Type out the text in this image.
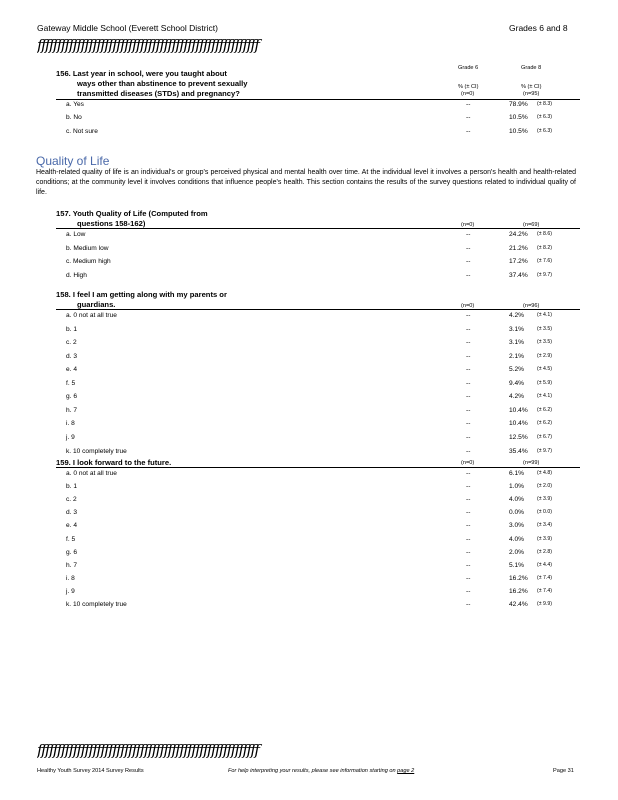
Gateway Middle School (Everett School District)	Grades 6 and 8
ffffffffffffffffffffffffffffffffffffffffffffffffffffffff
Grade 6	Grade 8
156. Last year in school, were you taught about
ways other than abstinence to prevent sexually
transmitted diseases (STDs) and pregnancy?
% (± CI)	% (± CI)
(n=0)	(n=95)
a. Yes	--	78.9% (± 8.3)
b. No	--	10.5% (± 6.3)
c. Not sure	--	10.5% (± 6.3)
Quality of Life
Health-related quality of life is an individual's or group's perceived physical and mental health over time. At the individual level it involves a person's health and health-related conditions; at the community level it involves conditions that influence people's health. This section contains the results of the survey questions related to individual quality of life.
157. Youth Quality of Life (Computed from
questions 158-162)	(n=0)	(n=69)
a. Low	--	24.2% (± 8.6)
b. Medium low	--	21.2% (± 8.2)
c. Medium high	--	17.2% (± 7.6)
d. High	--	37.4% (± 9.7)
158. I feel I am getting along with my parents or
guardians.	(n=0)	(n=96)
a. 0 not at all true	--	4.2% (± 4.1)
b. 1	--	3.1% (± 3.5)
c. 2	--	3.1% (± 3.5)
d. 3	--	2.1% (± 2.9)
e. 4	--	5.2% (± 4.5)
f. 5	--	9.4% (± 5.9)
g. 6	--	4.2% (± 4.1)
h. 7	--	10.4% (± 6.2)
i. 8	--	10.4% (± 6.2)
j. 9	--	12.5% (± 6.7)
k. 10 completely true	--	35.4% (± 9.7)
159. I look forward to the future.	(n=0)	(n=99)
a. 0 not at all true	--	6.1% (± 4.8)
b. 1	--	1.0% (± 2.0)
c. 2	--	4.0% (± 3.9)
d. 3	--	0.0% (± 0.0)
e. 4	--	3.0% (± 3.4)
f. 5	--	4.0% (± 3.9)
g. 6	--	2.0% (± 2.8)
h. 7	--	5.1% (± 4.4)
i. 8	--	16.2% (± 7.4)
j. 9	--	16.2% (± 7.4)
k. 10 completely true	--	42.4% (± 9.9)
ffffffffffffffffffffffffffffffffffffffffffffffffffffffff
Healthy Youth Survey 2014 Survey Results	For help interpreting your results, please see information starting on page 2	Page 31
